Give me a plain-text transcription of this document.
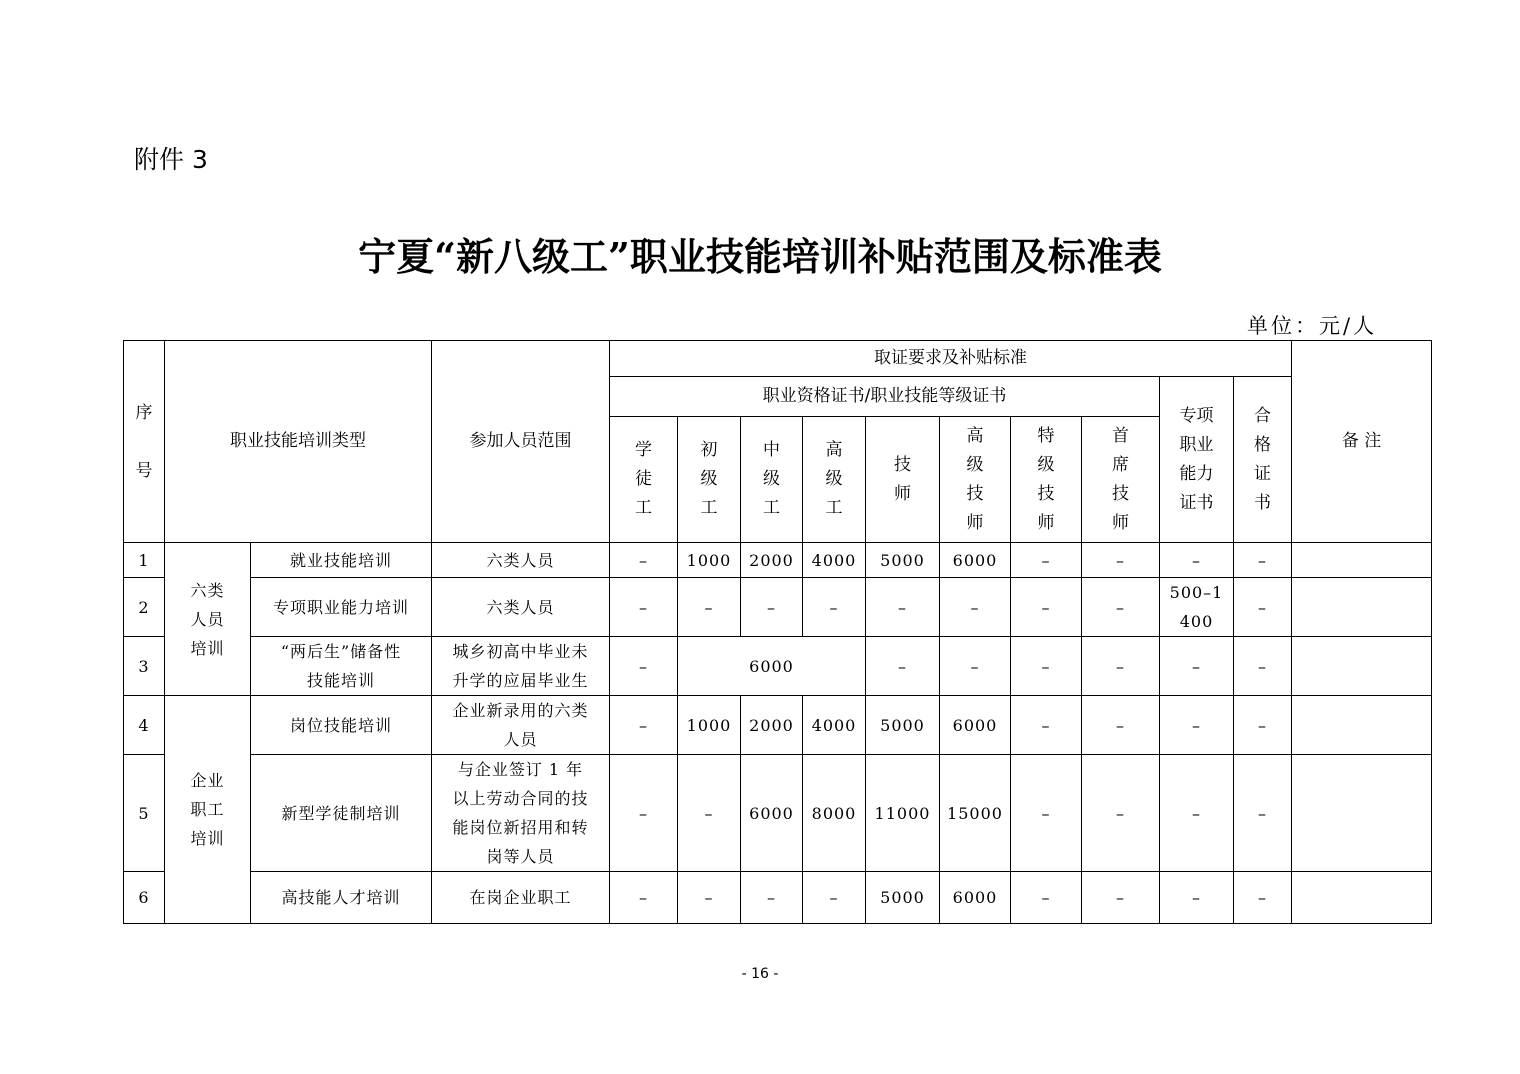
附件 3
宁夏“新八级工”职业技能培训补贴范围及标准表
单位：元/人
序号	职业技能培训类型		参加人员范围	取证要求及补贴标准										备 注
				职业资格证书/职业技能等级证书								专项职业能力证书	合格证书	
				学徒工	初级工	中级工	高级工	技师	高级技师	特级技师	首席技师			
1	六类人员培训	就业技能培训	六类人员	–	1000	2000	4000	5000	6000	–	–	–	–	
2		专项职业能力培训	六类人员	–	–	–	–	–	–	–	–	500–1400	–	
3		“两后生”储备性技能培训	城乡初高中毕业未升学的应届毕业生	–	6000			–	–	–	–	–	–	
4	企业职工培训	岗位技能培训	企业新录用的六类人员	–	1000	2000	4000	5000	6000	–	–	–	–	
5		新型学徒制培训	与企业签订 1 年以上劳动合同的技能岗位新招用和转岗等人员	–	–	6000	8000	11000	15000	–	–	–	–	
6		高技能人才培训	在岗企业职工	–	–	–	–	5000	6000	–	–	–	–	
- 16 -
